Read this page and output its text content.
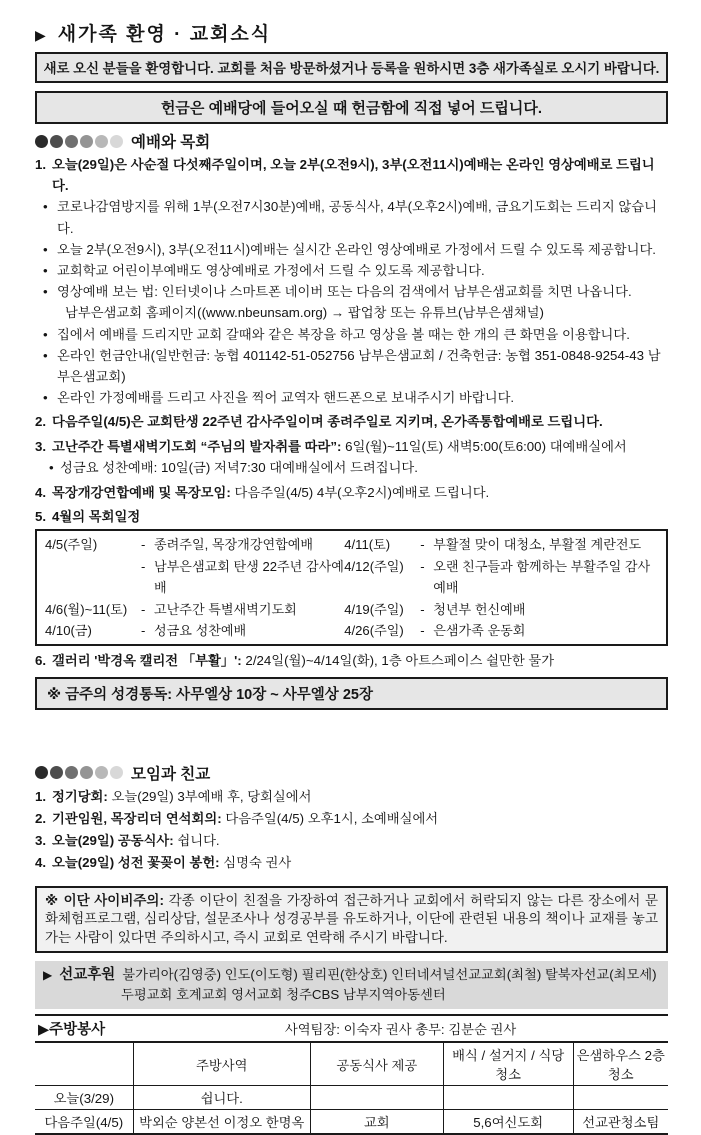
▶ 새가족 환영 · 교회소식
새로 오신 분들을 환영합니다. 교회를 처음 방문하셨거나 등록을 원하시면 3층 새가족실로 오시기 바랍니다.
헌금은 예배당에 들어오실 때 헌금함에 직접 넣어 드립니다.
예배와 목회
1. 오늘(29일)은 사순절 다섯째주일이며, 오늘 2부(오전9시), 3부(오전11시)예배는 온라인 영상예배로 드립니다.
• 코로나감염방지를 위해 1부(오전7시30분)예배, 공동식사, 4부(오후2시)예배, 금요기도회는 드리지 않습니다.
• 오늘 2부(오전9시), 3부(오전11시)예배는 실시간 온라인 영상예배로 가정에서 드릴 수 있도록 제공합니다.
• 교회학교 어린이부예배도 영상예배로 가정에서 드릴 수 있도록 제공합니다.
• 영상예배 보는 법: 인터넷이나 스마트폰 네이버 또는 다음의 검색에서 남부은샘교회를 치면 나옵니다.
남부은샘교회 홈페이지((www.nbeunsam.org) → 팝업창 또는 유튜브(남부은샘채널)
• 집에서 예배를 드리지만 교회 갈때와 같은 복장을 하고 영상을 볼 때는 한 개의 큰 화면을 이용합니다.
• 온라인 헌금안내(일반헌금: 농협 401142-51-052756 남부은샘교회 / 건축헌금: 농협 351-0848-9254-43 남부은샘교회)
• 온라인 가정예배를 드리고 사진을 찍어 교역자 핸드폰으로 보내주시기 바랍니다.
2. 다음주일(4/5)은 교회탄생 22주년 감사주일이며 종려주일로 지키며, 온가족통합예배로 드립니다.
3. 고난주간 특별새벽기도회 “주님의 발자취를 따라”: 6일(월)~11일(토) 새벽5:00(토6:00) 대예배실에서
• 성금요 성찬예배: 10일(금) 저녁7:30 대예배실에서 드려집니다.
4. 목장개강연합예배 및 목장모임: 다음주일(4/5) 4부(오후2시)예배로 드립니다.
5. 4월의 목회일정
4/5(주일)	- 종려주일, 목장개강연합예배
- 남부은샘교회 탄생 22주년 감사예배
4/6(월)~11(토)	- 고난주간 특별새벽기도회
4/10(금)	- 성금요 성찬예배
4/11(토)	- 부활절 맞이 대청소, 부활절 계란전도
4/12(주일)	- 오랜 친구들과 함께하는 부활주일 감사예배
4/19(주일)	- 청년부 헌신예배
4/26(주일)	- 은샘가족 운동회
6. 갤러리 '박경옥 캘리전 「부활」': 2/24일(월)~4/14일(화), 1층 아트스페이스 쉴만한 물가
※ 금주의 성경통독: 사무엘상 10장 ~ 사무엘상 25장
모임과 친교
1. 정기당회: 오늘(29일) 3부예배 후, 당회실에서
2. 기관임원, 목장리더 연석회의: 다음주일(4/5) 오후1시, 소예배실에서
3. 오늘(29일) 공동식사: 쉽니다.
4. 오늘(29일) 성전 꽃꽂이 봉헌: 심명숙 권사
※ 이단 사이비주의: 각종 이단이 친절을 가장하여 접근하거나 교회에서 허락되지 않는 다른 장소에서 문화체험프로그램, 심리상담, 설문조사나 성경공부를 유도하거나, 이단에 관련된 내용의 책이나 교재를 놓고 가는 사람이 있다면 주의하시고, 즉시 교회로 연락해 주시기 바랍니다.
▶ 선교후원 불가리아(김영중) 인도(이도형) 필리핀(한상호) 인터네셔널선교교회(최철) 탈북자선교(최모세)
두평교회 호계교회 영서교회 청주CBS 남부지역아동센터
▶주방봉사	사역팀장: 이숙자 권사 총무: 김분순 권사			
	주방사역	공동식사 제공	배식 / 설거지 / 식당 청소	은샘하우스 2층 청소
오늘(3/29)	쉽니다.			
다음주일(4/5)	박외순 양본선 이정오 한명옥	교회	5,6여신도회	선교관청소팀
